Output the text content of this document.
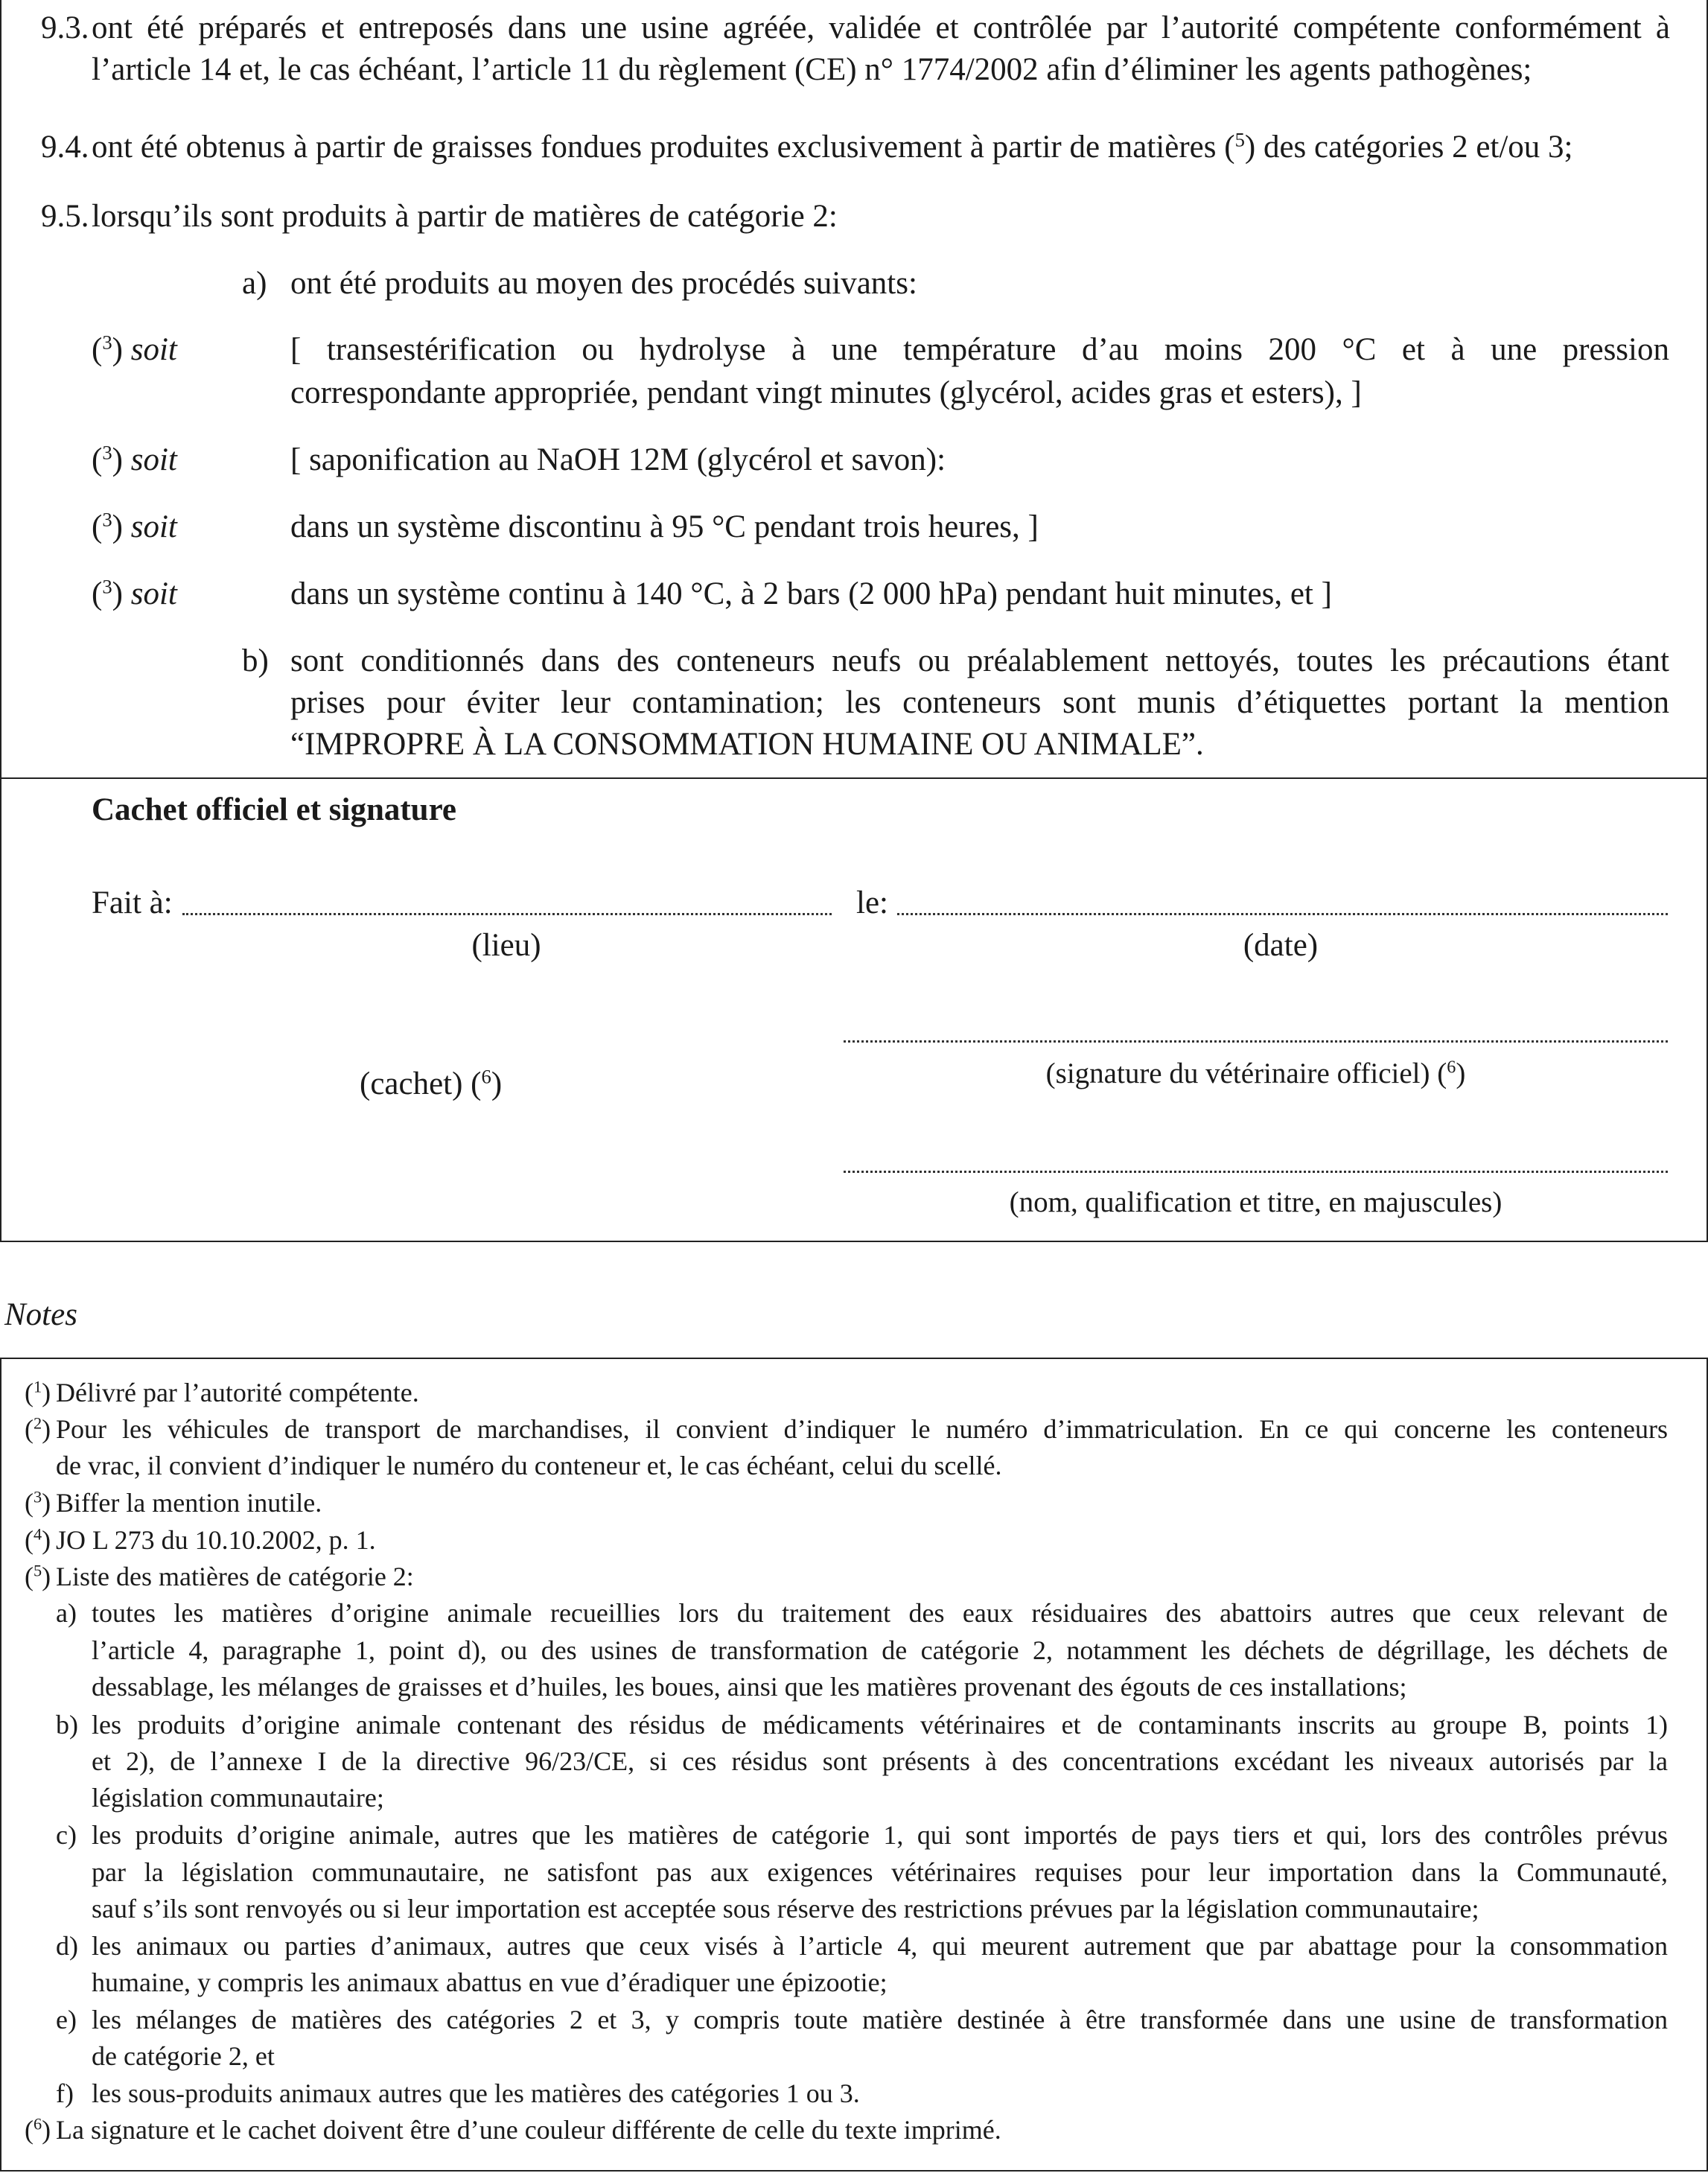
9.3. ont été préparés et entreposés dans une usine agréée, validée et contrôlée par l’autorité compétente conformément à
l’article 14 et, le cas échéant, l’article 11 du règlement (CE) n° 1774/2002 afin d’éliminer les agents pathogènes;
9.4. ont été obtenus à partir de graisses fondues produites exclusivement à partir de matières ($^5$) des catégories 2 et/ou 3;
9.5. lorsqu’ils sont produits à partir de matières de catégorie 2:
a) ont été produits au moyen des procédés suivants:
($^3$) soit	[ transestérification ou hydrolyse à une température d’au moins 200 °C et à une pression
correspondante appropriée, pendant vingt minutes (glycérol, acides gras et esters), ]
($^3$) soit	[ saponification au NaOH 12M (glycérol et savon):
($^3$) soit	dans un système discontinu à 95 °C pendant trois heures, ]
($^3$) soit	dans un système continu à 140 °C, à 2 bars (2 000 hPa) pendant huit minutes, et ]
b) sont conditionnés dans des conteneurs neufs ou préalablement nettoyés, toutes les précautions étant
prises pour éviter leur contamination; les conteneurs sont munis d’étiquettes portant la mention
“IMPROPRE À LA CONSOMMATION HUMAINE OU ANIMALE”.
Cachet officiel et signature
Fait à:	le:
(lieu)	(date)
(cachet) ($^6$)	(signature du vétérinaire officiel) ($^6$)
(nom, qualification et titre, en majuscules)
Notes
($^1$) Délivré par l’autorité compétente.
($^2$) Pour les véhicules de transport de marchandises, il convient d’indiquer le numéro d’immatriculation. En ce qui concerne les conteneurs
de vrac, il convient d’indiquer le numéro du conteneur et, le cas échéant, celui du scellé.
($^3$) Biffer la mention inutile.
($^4$) JO L 273 du 10.10.2002, p. 1.
($^5$) Liste des matières de catégorie 2:
a) toutes les matières d’origine animale recueillies lors du traitement des eaux résiduaires des abattoirs autres que ceux relevant de
l’article 4, paragraphe 1, point d), ou des usines de transformation de catégorie 2, notamment les déchets de dégrillage, les déchets de
dessablage, les mélanges de graisses et d’huiles, les boues, ainsi que les matières provenant des égouts de ces installations;
b) les produits d’origine animale contenant des résidus de médicaments vétérinaires et de contaminants inscrits au groupe B, points 1)
et 2), de l’annexe I de la directive 96/23/CE, si ces résidus sont présents à des concentrations excédant les niveaux autorisés par la
législation communautaire;
c) les produits d’origine animale, autres que les matières de catégorie 1, qui sont importés de pays tiers et qui, lors des contrôles prévus
par la législation communautaire, ne satisfont pas aux exigences vétérinaires requises pour leur importation dans la Communauté,
sauf s’ils sont renvoyés ou si leur importation est acceptée sous réserve des restrictions prévues par la législation communautaire;
d) les animaux ou parties d’animaux, autres que ceux visés à l’article 4, qui meurent autrement que par abattage pour la consommation
humaine, y compris les animaux abattus en vue d’éradiquer une épizootie;
e) les mélanges de matières des catégories 2 et 3, y compris toute matière destinée à être transformée dans une usine de transformation
de catégorie 2, et
f) les sous-produits animaux autres que les matières des catégories 1 ou 3.
($^6$) La signature et le cachet doivent être d’une couleur différente de celle du texte imprimé.
